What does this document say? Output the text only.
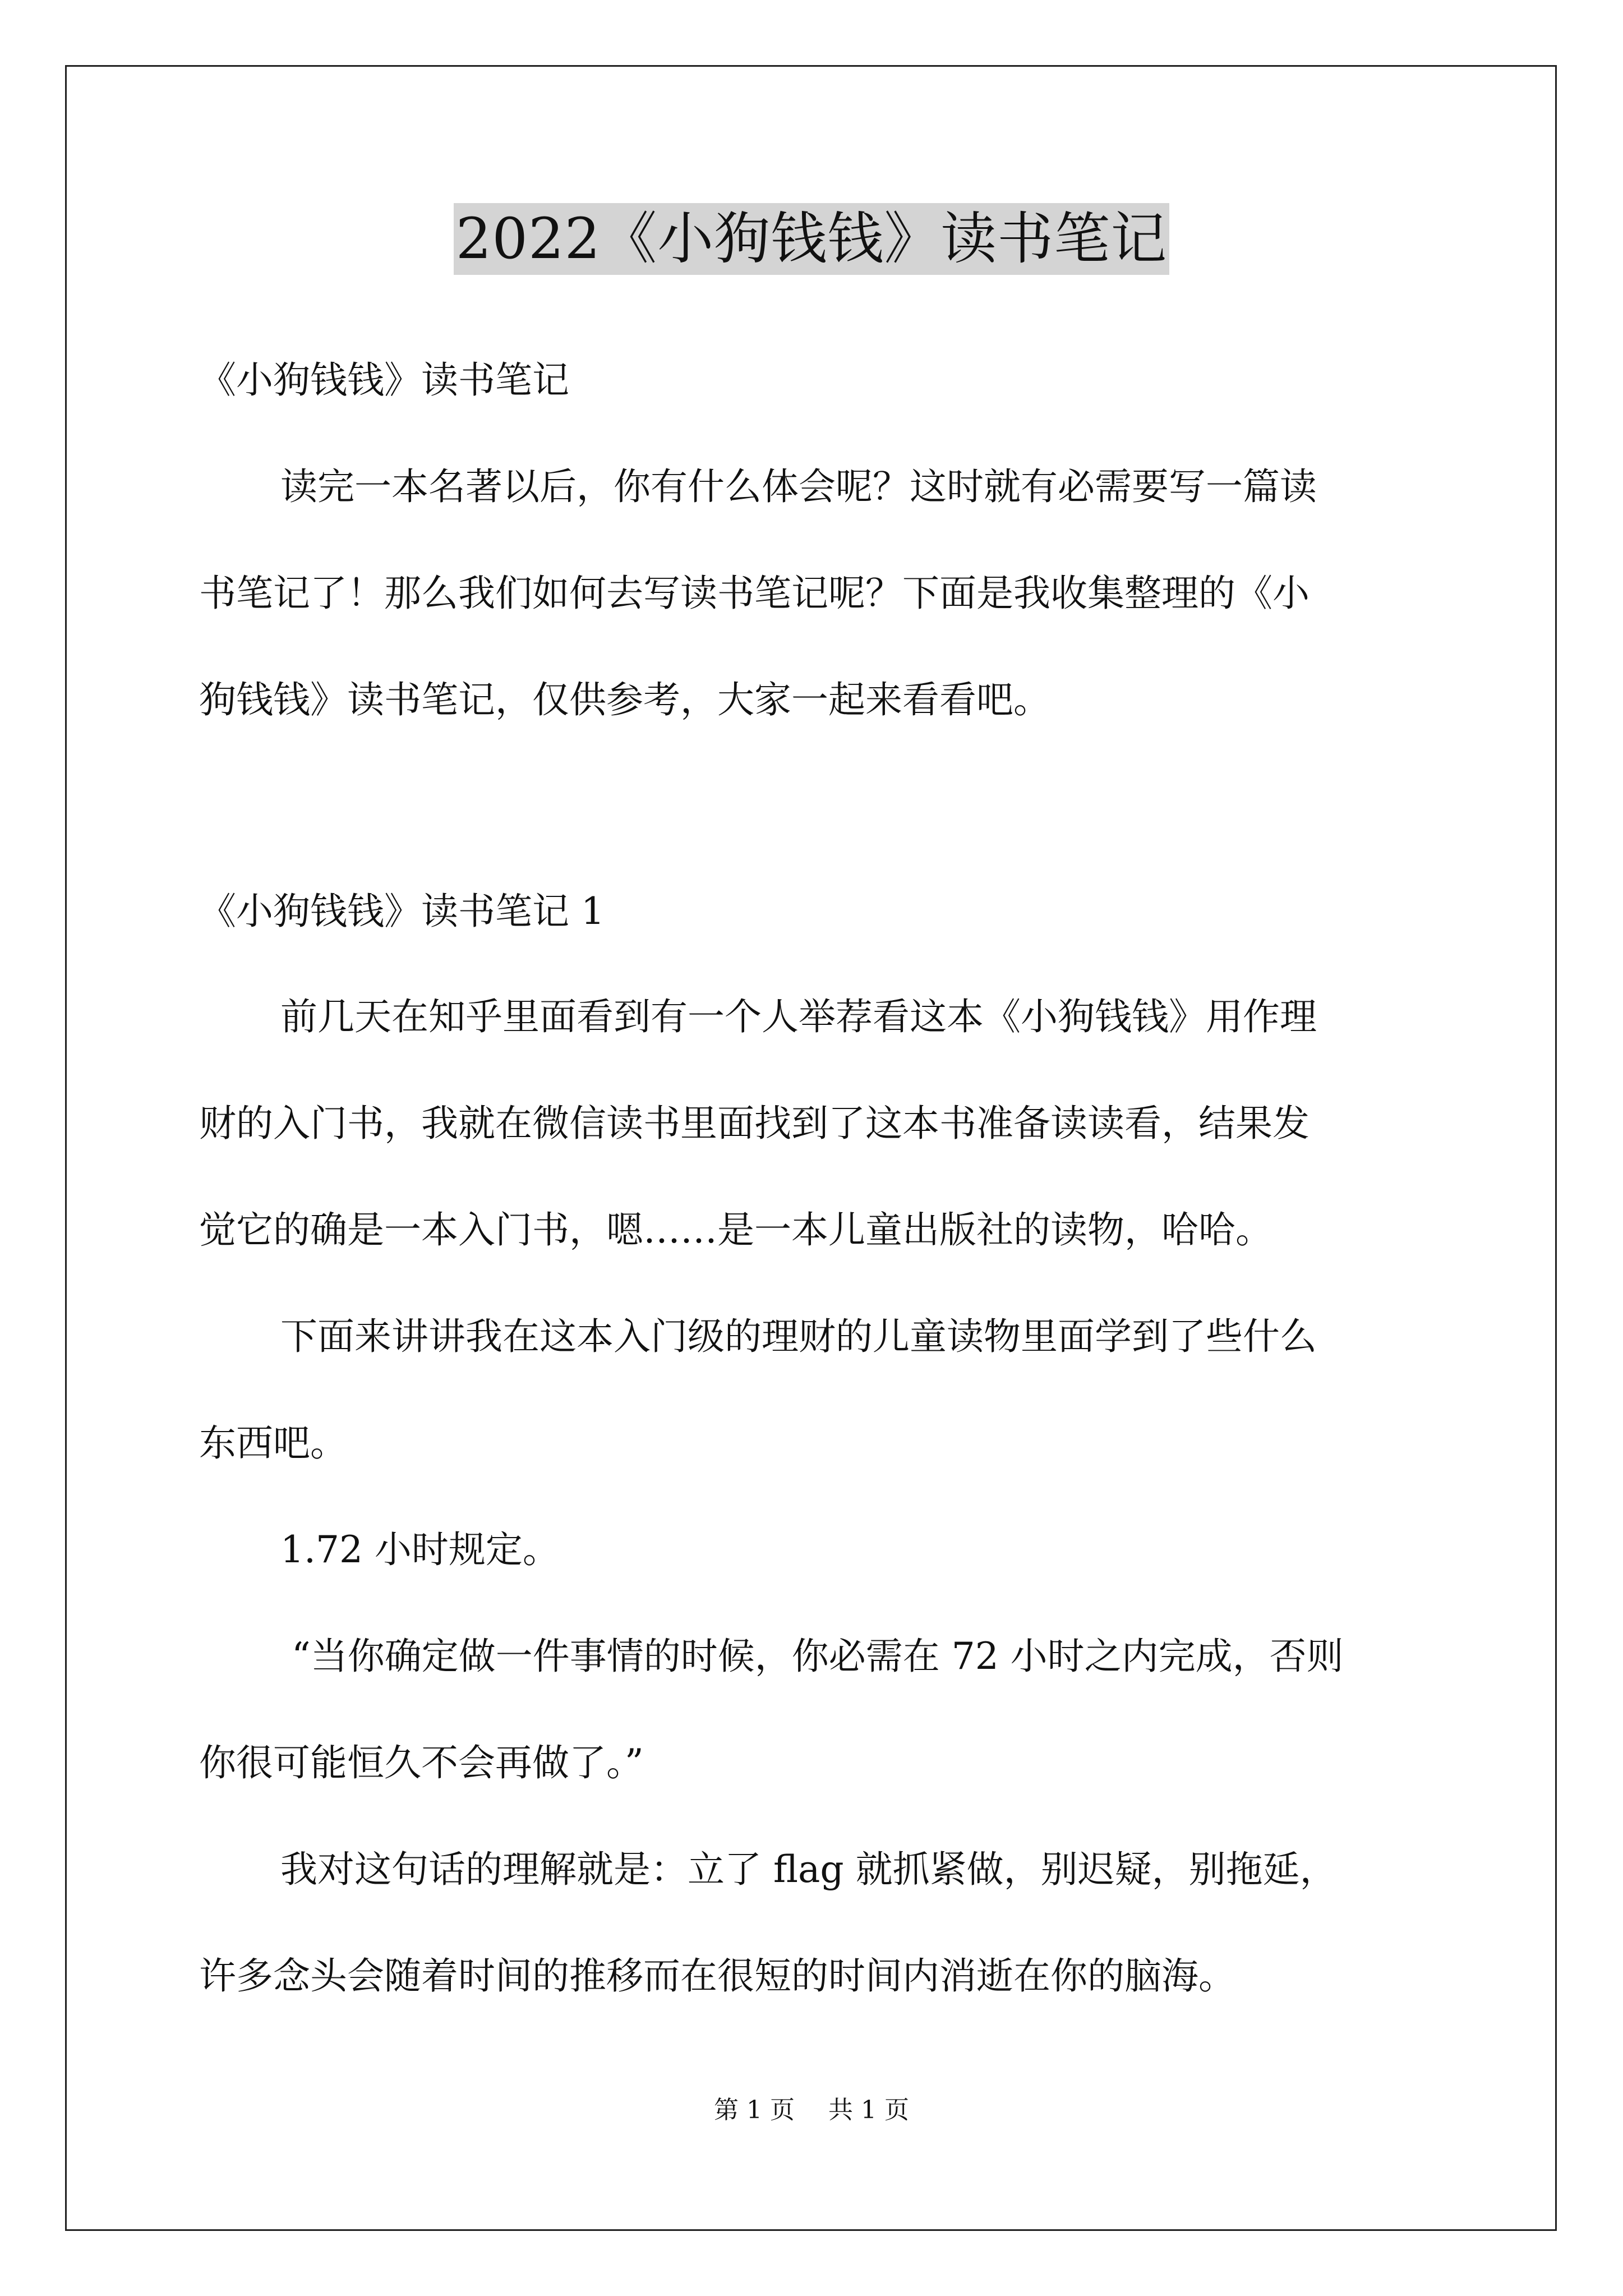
2022《小狗钱钱》读书笔记
《小狗钱钱》读书笔记
读完一本名著以后，你有什么体会呢？这时就有必需要写一篇读
书笔记了！那么我们如何去写读书笔记呢？下面是我收集整理的《小
狗钱钱》读书笔记，仅供参考，大家一起来看看吧。
《小狗钱钱》读书笔记 1
前几天在知乎里面看到有一个人举荐看这本《小狗钱钱》用作理
财的入门书，我就在微信读书里面找到了这本书准备读读看，结果发
觉它的确是一本入门书，嗯……是一本儿童出版社的读物，哈哈。
下面来讲讲我在这本入门级的理财的儿童读物里面学到了些什么
东西吧。
1.72 小时规定。
“当你确定做一件事情的时候，你必需在 72 小时之内完成，否则
你很可能恒久不会再做了。”
我对这句话的理解就是：立了 flag 就抓紧做，别迟疑，别拖延，
许多念头会随着时间的推移而在很短的时间内消逝在你的脑海。
第 1 页 共 1 页
